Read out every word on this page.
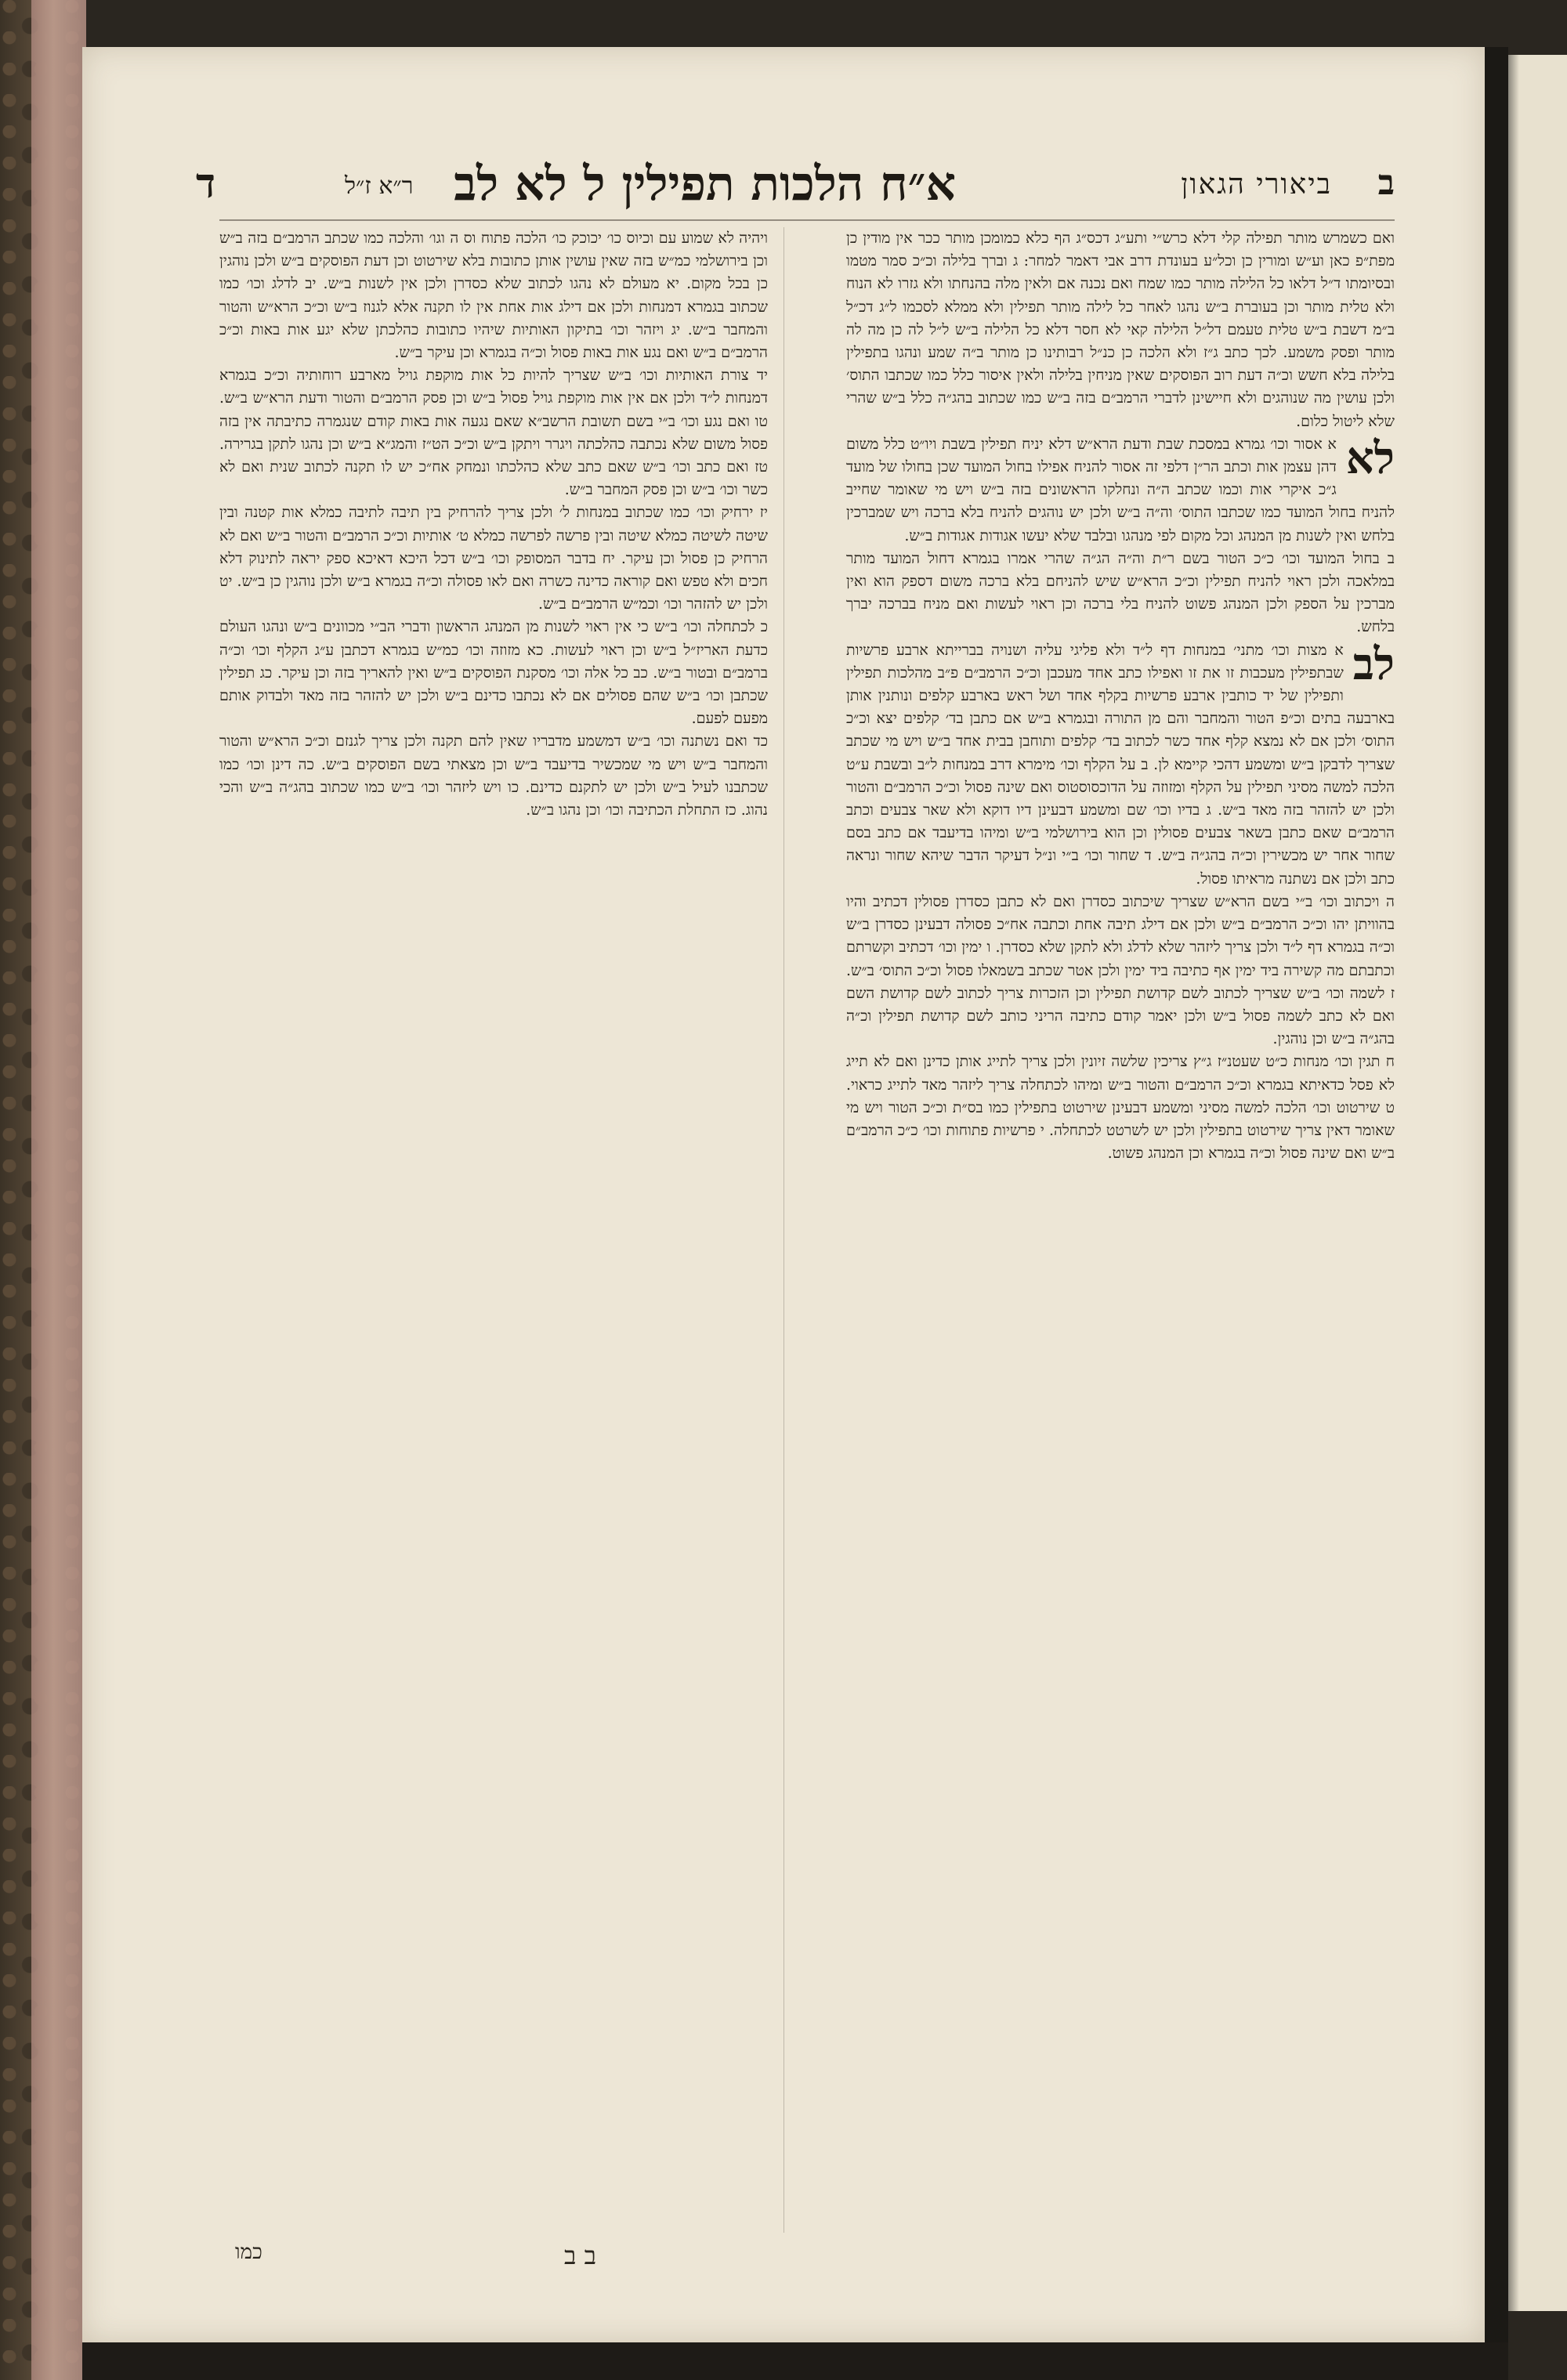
ב
ביאורי הגאון
א״ח הלכות תפילין ל לא לב
ר״א ז״ל
ד

ואם כשמרש מותר תפילה קלי דלא כרש״י ותע״ג דכס״ג הף כלא כמומכן מותר ככר אין מודין כן מפת״פ כאן וע״ש ומורין כן וכל״ע בעונדת דרב אבי דאמר למחר: ג וברך בלילה וכ״כ סמר מטמו ובסיומתו ד״ל דלאו כל הלילה מותר כמו שמח ואם נכנה אם ולאין מלה בהנחתו ולא גזרו לא הנוח ולא טלית מותר וכן בעוברת ב״ש נהגו לאחר כל לילה מותר תפילין ולא ממלא לסכמו ל״ג דכ״ל ב״מ דשבת ב״ש טלית טעמם דל״ל הלילה קאי לא חסר דלא כל הלילה ב״ש ל״ל לה כן מה לה מותר ופסק משמע. לכך כתב ג״ז ולא הלכה כן כנ״ל רבותינו כן מותר ב״ה שמע ונהגו בתפילין בלילה בלא חשש וכ״ה דעת רוב הפוסקים שאין מניחין בלילה ולאין איסור כלל כמו שכתבו התוס׳ ולכן עושין מה שנוהגים ולא חיישינן לדברי הרמב״ם בזה ב״ש כמו שכתוב בהג״ה כלל ב״ש שהרי שלא ליטול כלום.

לא
א אסור וכו׳ גמרא במסכת שבת ודעת הרא״ש דלא יניח תפילין בשבת ויו״ט כלל משום דהן עצמן אות וכתב הר״ן דלפי זה אסור להניח אפילו בחול המועד שכן בחולו של מועד ג״כ איקרי אות וכמו שכתב ה״ה ונחלקו הראשונים בזה ב״ש ויש מי שאומר שחייב להניח בחול המועד כמו שכתבו התוס׳ וה״ה ב״ש ולכן יש נוהגים להניח בלא ברכה ויש שמברכין בלחש ואין לשנות מן המנהג וכל מקום לפי מנהגו ובלבד שלא יעשו אגודות אגודות ב״ש.

ב בחול המועד וכו׳ כ״כ הטור בשם ר״ת וה״ה הג״ה שהרי אמרו בגמרא דחול המועד מותר במלאכה ולכן ראוי להניח תפילין וכ״כ הרא״ש שיש להניחם בלא ברכה משום דספק הוא ואין מברכין על הספק ולכן המנהג פשוט להניח בלי ברכה וכן ראוי לעשות ואם מניח בברכה יברך בלחש.

לב
א מצות וכו׳ מתני׳ במנחות דף ל״ד ולא פליגי עליה ושנויה בברייתא ארבע פרשיות שבתפילין מעכבות זו את זו ואפילו כתב אחד מעכבן וכ״כ הרמב״ם פ״ב מהלכות תפילין ותפילין של יד כותבין ארבע פרשיות בקלף אחד ושל ראש בארבע קלפים ונותנין אותן בארבעה בתים וכ״פ הטור והמחבר והם מן התורה ובגמרא ב״ש אם כתבן בד׳ קלפים יצא וכ״כ התוס׳ ולכן אם לא נמצא קלף אחד כשר לכתוב בד׳ קלפים ותוחבן בבית אחד ב״ש ויש מי שכתב שצריך לדבקן ב״ש ומשמע דהכי קיימא לן. ב על הקלף וכו׳ מימרא דרב במנחות ל״ב ובשבת ע״ט הלכה למשה מסיני תפילין על הקלף ומזוזה על הדוכסוסטוס ואם שינה פסול וכ״כ הרמב״ם והטור ולכן יש להזהר בזה מאד ב״ש. ג בדיו וכו׳ שם ומשמע דבעינן דיו דוקא ולא שאר צבעים וכתב הרמב״ם שאם כתבן בשאר צבעים פסולין וכן הוא בירושלמי ב״ש ומיהו בדיעבד אם כתב בסם שחור אחר יש מכשירין וכ״ה בהג״ה ב״ש. ד שחור וכו׳ ב״י ונ״ל דעיקר הדבר שיהא שחור ונראה כתב ולכן אם נשתנה מראיתו פסול.

ה ויכתוב וכו׳ ב״י בשם הרא״ש שצריך שיכתוב כסדרן ואם לא כתבן כסדרן פסולין דכתיב והיו בהוויתן יהו וכ״כ הרמב״ם ב״ש ולכן אם דילג תיבה אחת וכתבה אח״כ פסולה דבעינן כסדרן ב״ש וכ״ה בגמרא דף ל״ד ולכן צריך ליזהר שלא לדלג ולא לתקן שלא כסדרן. ו ימין וכו׳ דכתיב וקשרתם וכתבתם מה קשירה ביד ימין אף כתיבה ביד ימין ולכן אטר שכתב בשמאלו פסול וכ״כ התוס׳ ב״ש. ז לשמה וכו׳ ב״ש שצריך לכתוב לשם קדושת תפילין וכן הזכרות צריך לכתוב לשם קדושת השם ואם לא כתב לשמה פסול ב״ש ולכן יאמר קודם כתיבה הריני כותב לשם קדושת תפילין וכ״ה בהג״ה ב״ש וכן נוהגין.

ח תגין וכו׳ מנחות כ״ט שעטנ״ז ג״ץ צריכין שלשה זיונין ולכן צריך לתייג אותן כדינן ואם לא תייג לא פסל כדאיתא בגמרא וכ״כ הרמב״ם והטור ב״ש ומיהו לכתחלה צריך ליזהר מאד לתייג כראוי. ט שירטוט וכו׳ הלכה למשה מסיני ומשמע דבעינן שירטוט בתפילין כמו בס״ת וכ״כ הטור ויש מי שאומר דאין צריך שירטוט בתפילין ולכן יש לשרטט לכתחלה. י פרשיות פתוחות וכו׳ כ״כ הרמב״ם ב״ש ואם שינה פסול וכ״ה בגמרא וכן המנהג פשוט.

ויהיה לא שמוע עם וכיוס כו׳ יכוכק כו׳ הלכה פתוח וס ה וגו׳ והלכה כמו שכתב הרמב״ם בזה ב״ש וכן בירושלמי כמ״ש בזה שאין עושין אותן כתובות בלא שירטוט וכן דעת הפוסקים ב״ש ולכן נוהגין כן בכל מקום. יא מעולם לא נהגו לכתוב שלא כסדרן ולכן אין לשנות ב״ש. יב לדלג וכו׳ כמו שכתוב בגמרא דמנחות ולכן אם דילג אות אחת אין לו תקנה אלא לגנוז ב״ש וכ״כ הרא״ש והטור והמחבר ב״ש. יג ויזהר וכו׳ בתיקון האותיות שיהיו כתובות כהלכתן שלא יגע אות באות וכ״כ הרמב״ם ב״ש ואם נגע אות באות פסול וכ״ה בגמרא וכן עיקר ב״ש.

יד צורת האותיות וכו׳ ב״ש שצריך להיות כל אות מוקפת גויל מארבע רוחותיה וכ״כ בגמרא דמנחות ל״ד ולכן אם אין אות מוקפת גויל פסול ב״ש וכן פסק הרמב״ם והטור ודעת הרא״ש ב״ש. טו ואם נגע וכו׳ ב״י בשם תשובת הרשב״א שאם נגעה אות באות קודם שנגמרה כתיבתה אין בזה פסול משום שלא נכתבה כהלכתה ויגרר ויתקן ב״ש וכ״כ הט״ז והמג״א ב״ש וכן נהגו לתקן בגרירה. טז ואם כתב וכו׳ ב״ש שאם כתב שלא כהלכתו ונמחק אח״כ יש לו תקנה לכתוב שנית ואם לא כשר וכו׳ ב״ש וכן פסק המחבר ב״ש.

יז ירחיק וכו׳ כמו שכתוב במנחות ל׳ ולכן צריך להרחיק בין תיבה לתיבה כמלא אות קטנה ובין שיטה לשיטה כמלא שיטה ובין פרשה לפרשה כמלא ט׳ אותיות וכ״כ הרמב״ם והטור ב״ש ואם לא הרחיק כן פסול וכן עיקר. יח בדבר המסופק וכו׳ ב״ש דכל היכא דאיכא ספק יראה לתינוק דלא חכים ולא טפש ואם קוראה כדינה כשרה ואם לאו פסולה וכ״ה בגמרא ב״ש ולכן נוהגין כן ב״ש. יט ולכן יש להזהר וכו׳ וכמ״ש הרמב״ם ב״ש.

כ לכתחלה וכו׳ ב״ש כי אין ראוי לשנות מן המנהג הראשון ודברי הב״י מכוונים ב״ש ונהגו העולם כדעת האריז״ל ב״ש וכן ראוי לעשות. כא מזוזה וכו׳ כמ״ש בגמרא דכתבן ע״ג הקלף וכו׳ וכ״ה ברמב״ם ובטור ב״ש. כב כל אלה וכו׳ מסקנת הפוסקים ב״ש ואין להאריך בזה וכן עיקר. כג תפילין שכתבן וכו׳ ב״ש שהם פסולים אם לא נכתבו כדינם ב״ש ולכן יש להזהר בזה מאד ולבדוק אותם מפעם לפעם.

כד ואם נשתנה וכו׳ ב״ש דמשמע מדבריו שאין להם תקנה ולכן צריך לגנזם וכ״כ הרא״ש והטור והמחבר ב״ש ויש מי שמכשיר בדיעבד ב״ש וכן מצאתי בשם הפוסקים ב״ש. כה דינן וכו׳ כמו שכתבנו לעיל ב״ש ולכן יש לתקנם כדינם. כו ויש ליזהר וכו׳ ב״ש כמו שכתוב בהג״ה ב״ש והכי נהוג. כז התחלת הכתיבה וכו׳ וכן נהגו ב״ש.

ב ב
כמו
